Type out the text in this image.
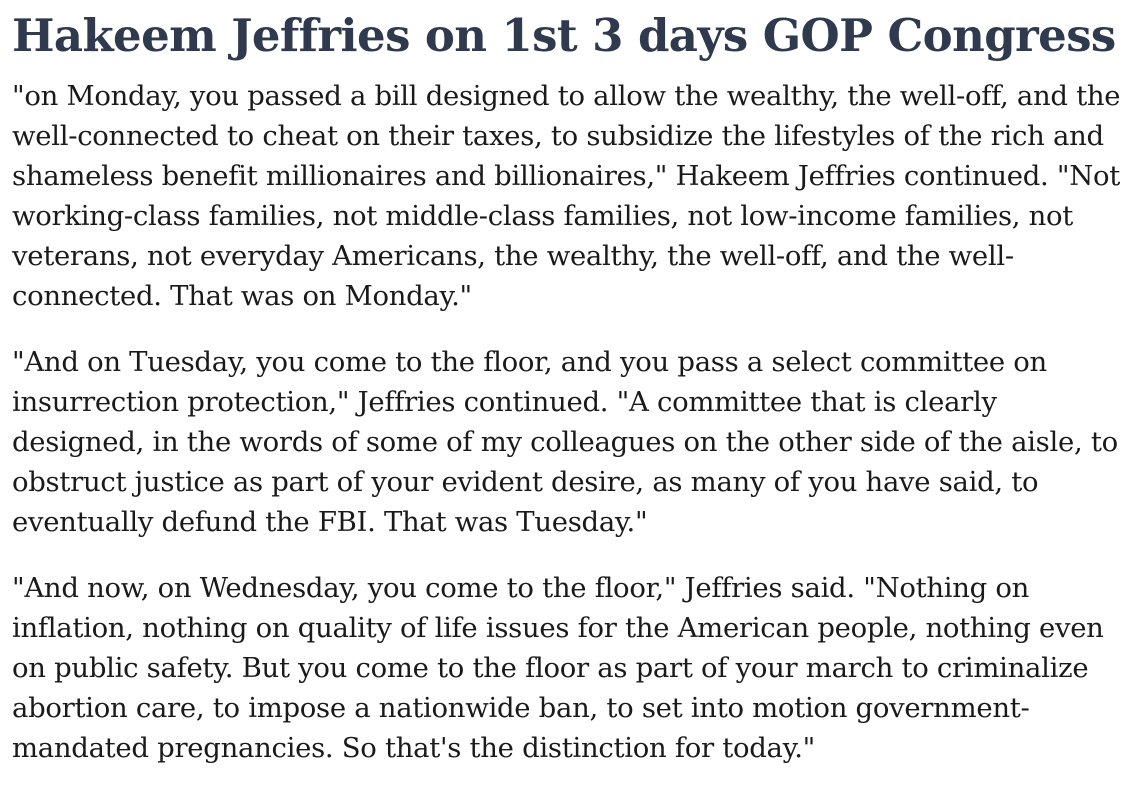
Hakeem Jeffries on 1st 3 days GOP Congress

"on Monday, you passed a bill designed to allow the wealthy, the well-off, and the well-connected to cheat on their taxes, to subsidize the lifestyles of the rich and shameless benefit millionaires and billionaires," Hakeem Jeffries continued. "Not working-class families, not middle-class families, not low-income families, not veterans, not everyday Americans, the wealthy, the well-off, and the well-connected. That was on Monday."

"And on Tuesday, you come to the floor, and you pass a select committee on insurrection protection," Jeffries continued. "A committee that is clearly designed, in the words of some of my colleagues on the other side of the aisle, to obstruct justice as part of your evident desire, as many of you have said, to eventually defund the FBI. That was Tuesday."

"And now, on Wednesday, you come to the floor," Jeffries said. "Nothing on inflation, nothing on quality of life issues for the American people, nothing even on public safety. But you come to the floor as part of your march to criminalize abortion care, to impose a nationwide ban, to set into motion government-mandated pregnancies. So that's the distinction for today."
